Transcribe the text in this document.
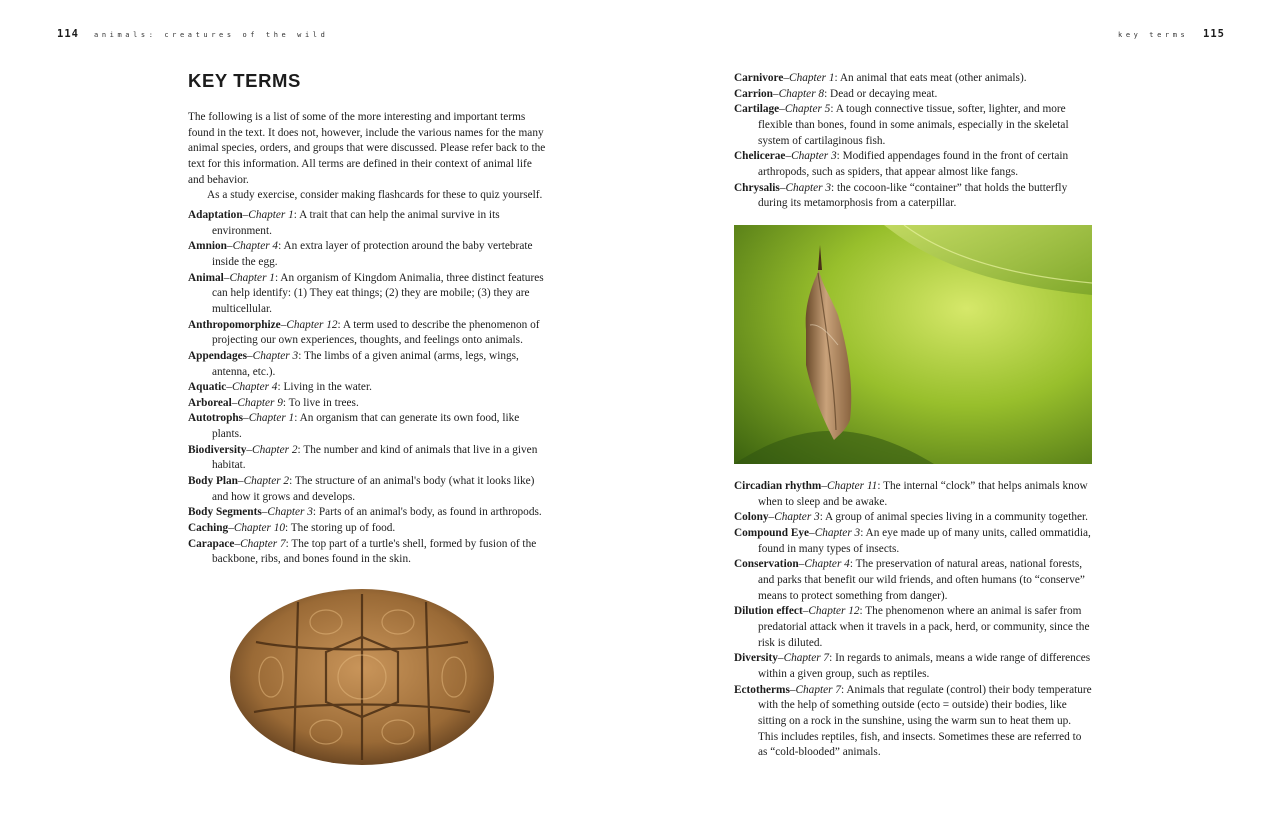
114 animals: creatures of the wild	key terms 115
KEY TERMS

The following is a list of some of the more interesting and important terms found in the text. It does not, however, include the various names for the many animal species, orders, and groups that were discussed. Please refer back to the text for this information. All terms are defined in their context of animal life and behavior.

As a study exercise, consider making flashcards for these to quiz yourself.

Adaptation–Chapter 1: A trait that can help the animal survive in its environment.

Amnion–Chapter 4: An extra layer of protection around the baby vertebrate inside the egg.

Animal–Chapter 1: An organism of Kingdom Animalia, three distinct features can help identify: (1) They eat things; (2) they are mobile; (3) they are multicellular.

Anthropomorphize–Chapter 12: A term used to describe the phenomenon of projecting our own experiences, thoughts, and feelings onto animals.

Appendages–Chapter 3: The limbs of a given animal (arms, legs, wings, antenna, etc.).

Aquatic–Chapter 4: Living in the water.

Arboreal–Chapter 9: To live in trees.

Autotrophs–Chapter 1: An organism that can generate its own food, like plants.

Biodiversity–Chapter 2: The number and kind of animals that live in a given habitat.

Body Plan–Chapter 2: The structure of an animal's body (what it looks like) and how it grows and develops.

Body Segments–Chapter 3: Parts of an animal's body, as found in arthropods.

Caching–Chapter 10: The storing up of food.

Carapace–Chapter 7: The top part of a turtle's shell, formed by fusion of the backbone, ribs, and bones found in the skin.

Carnivore–Chapter 1: An animal that eats meat (other animals).

Carrion–Chapter 8: Dead or decaying meat.

Cartilage–Chapter 5: A tough connective tissue, softer, lighter, and more flexible than bones, found in some animals, especially in the skeletal system of cartilaginous fish.

Chelicerae–Chapter 3: Modified appendages found in the front of certain arthropods, such as spiders, that appear almost like fangs.

Chrysalis–Chapter 3: the cocoon-like “container” that holds the butterfly during its metamorphosis from a caterpillar.

Circadian rhythm–Chapter 11: The internal “clock” that helps animals know when to sleep and be awake.

Colony–Chapter 3: A group of animal species living in a community together.

Compound Eye–Chapter 3: An eye made up of many units, called ommatidia, found in many types of insects.

Conservation–Chapter 4: The preservation of natural areas, national forests, and parks that benefit our wild friends, and often humans (to “conserve” means to protect something from danger).

Dilution effect–Chapter 12: The phenomenon where an animal is safer from predatorial attack when it travels in a pack, herd, or community, since the risk is diluted.

Diversity–Chapter 7: In regards to animals, means a wide range of differences within a given group, such as reptiles.

Ectotherms–Chapter 7: Animals that regulate (control) their body temperature with the help of something outside (ecto = outside) their bodies, like sitting on a rock in the sunshine, using the warm sun to heat them up. This includes reptiles, fish, and insects. Sometimes these are referred to as “cold-blooded” animals.
